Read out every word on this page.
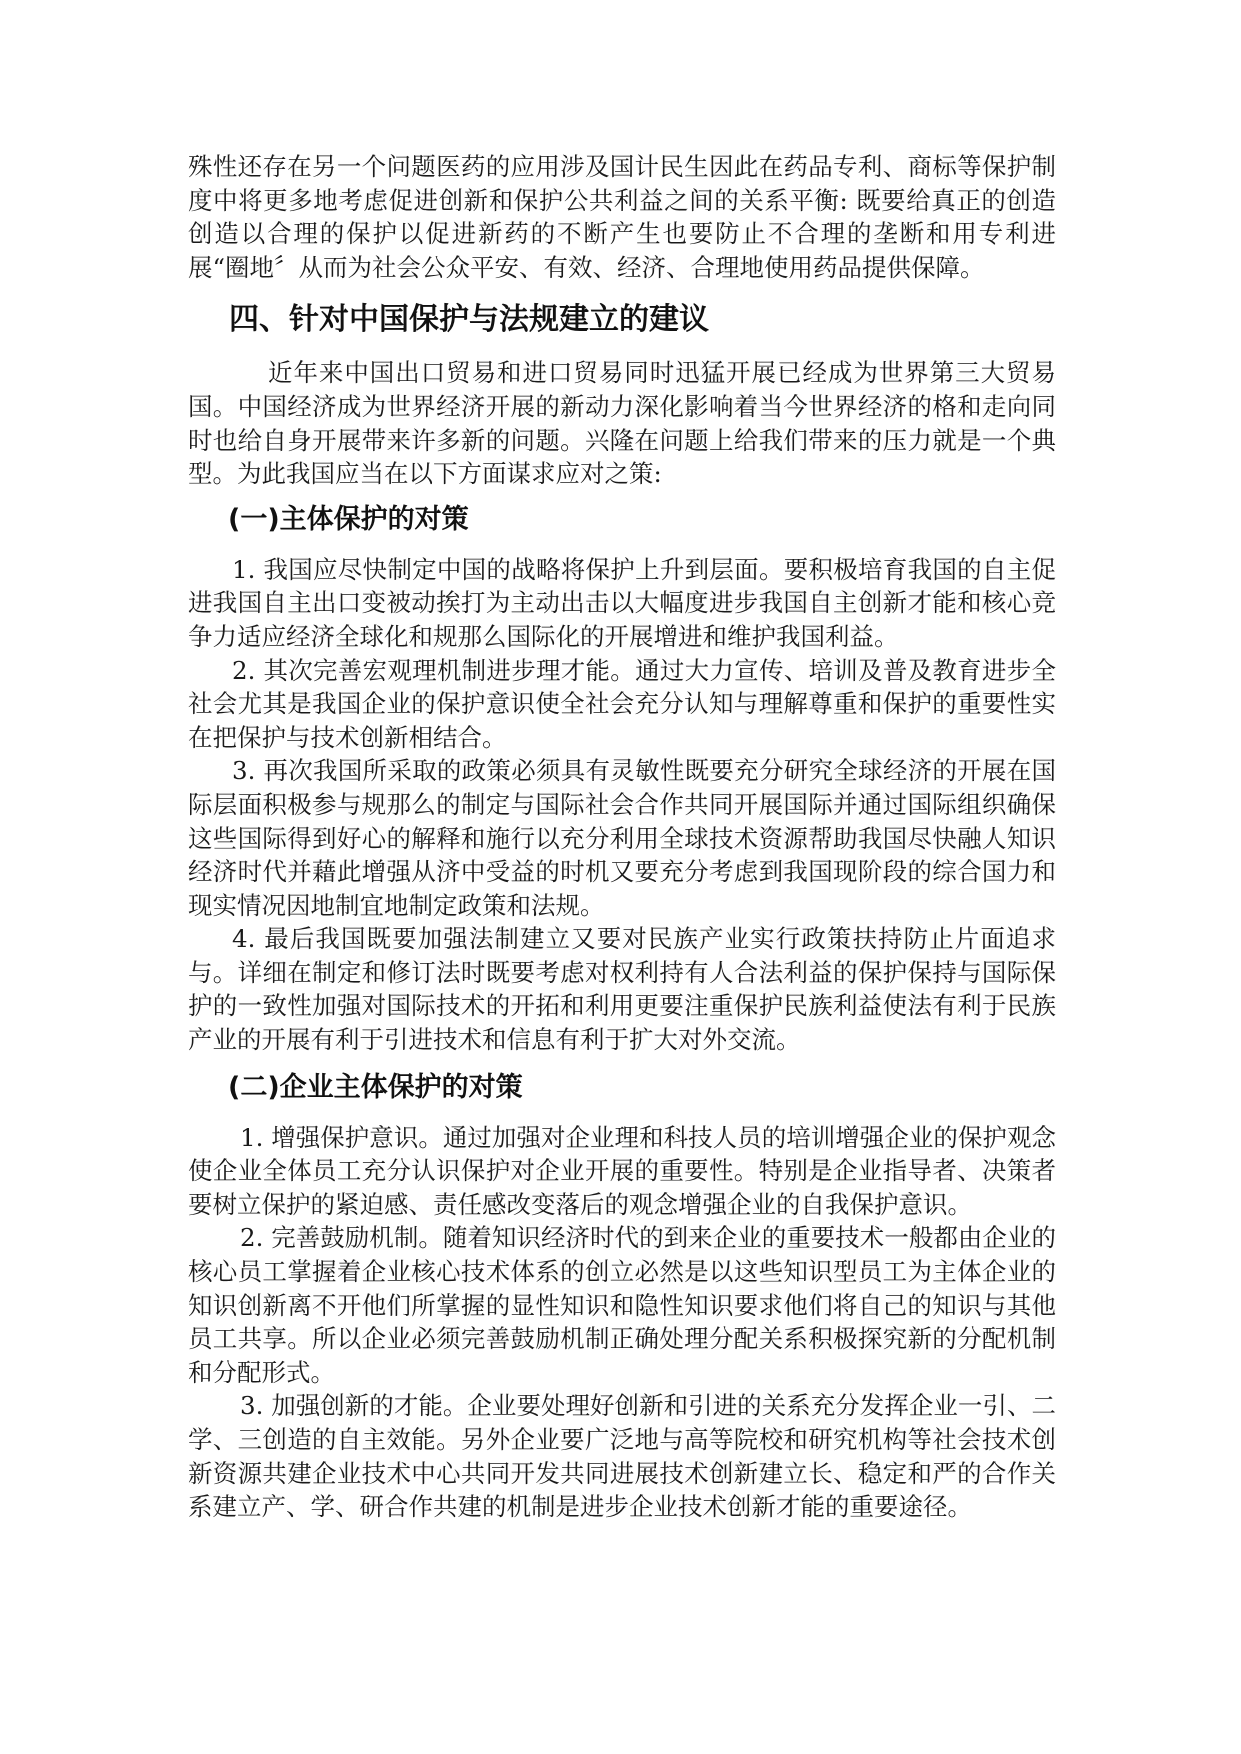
殊性还存在另一个问题医药的应用涉及国计民生因此在药品专利、商标等保护制度中将更多地考虑促进创新和保护公共利益之间的关系平衡: 既要给真正的创造创造以合理的保护以促进新药的不断产生也要防止不合理的垄断和用专利进展“圈地〞从而为社会公众平安、有效、经济、合理地使用药品提供保障。

四、针对中国保护与法规建立的建议

近年来中国出口贸易和进口贸易同时迅猛开展已经成为世界第三大贸易国。中国经济成为世界经济开展的新动力深化影响着当今世界经济的格和走向同时也给自身开展带来许多新的问题。兴隆在问题上给我们带来的压力就是一个典型。为此我国应当在以下方面谋求应对之策:

(一)主体保护的对策

1. 我国应尽快制定中国的战略将保护上升到层面。要积极培育我国的自主促进我国自主出口变被动挨打为主动出击以大幅度进步我国自主创新才能和核心竞争力适应经济全球化和规那么国际化的开展增进和维护我国利益。

2. 其次完善宏观理机制进步理才能。通过大力宣传、培训及普及教育进步全社会尤其是我国企业的保护意识使全社会充分认知与理解尊重和保护的重要性实在把保护与技术创新相结合。

3. 再次我国所采取的政策必须具有灵敏性既要充分研究全球经济的开展在国际层面积极参与规那么的制定与国际社会合作共同开展国际并通过国际组织确保这些国际得到好心的解释和施行以充分利用全球技术资源帮助我国尽快融人知识经济时代并藉此增强从济中受益的时机又要充分考虑到我国现阶段的综合国力和现实情况因地制宜地制定政策和法规。

4. 最后我国既要加强法制建立又要对民族产业实行政策扶持防止片面追求与。详细在制定和修订法时既要考虑对权利持有人合法利益的保护保持与国际保护的一致性加强对国际技术的开拓和利用更要注重保护民族利益使法有利于民族产业的开展有利于引进技术和信息有利于扩大对外交流。

(二)企业主体保护的对策

1. 增强保护意识。通过加强对企业理和科技人员的培训增强企业的保护观念使企业全体员工充分认识保护对企业开展的重要性。特别是企业指导者、决策者要树立保护的紧迫感、责任感改变落后的观念增强企业的自我保护意识。

2. 完善鼓励机制。随着知识经济时代的到来企业的重要技术一般都由企业的核心员工掌握着企业核心技术体系的创立必然是以这些知识型员工为主体企业的知识创新离不开他们所掌握的显性知识和隐性知识要求他们将自己的知识与其他员工共享。所以企业必须完善鼓励机制正确处理分配关系积极探究新的分配机制和分配形式。

3. 加强创新的才能。企业要处理好创新和引进的关系充分发挥企业一引、二学、三创造的自主效能。另外企业要广泛地与高等院校和研究机构等社会技术创新资源共建企业技术中心共同开发共同进展技术创新建立长、稳定和严的合作关系建立产、学、研合作共建的机制是进步企业技术创新才能的重要途径。
